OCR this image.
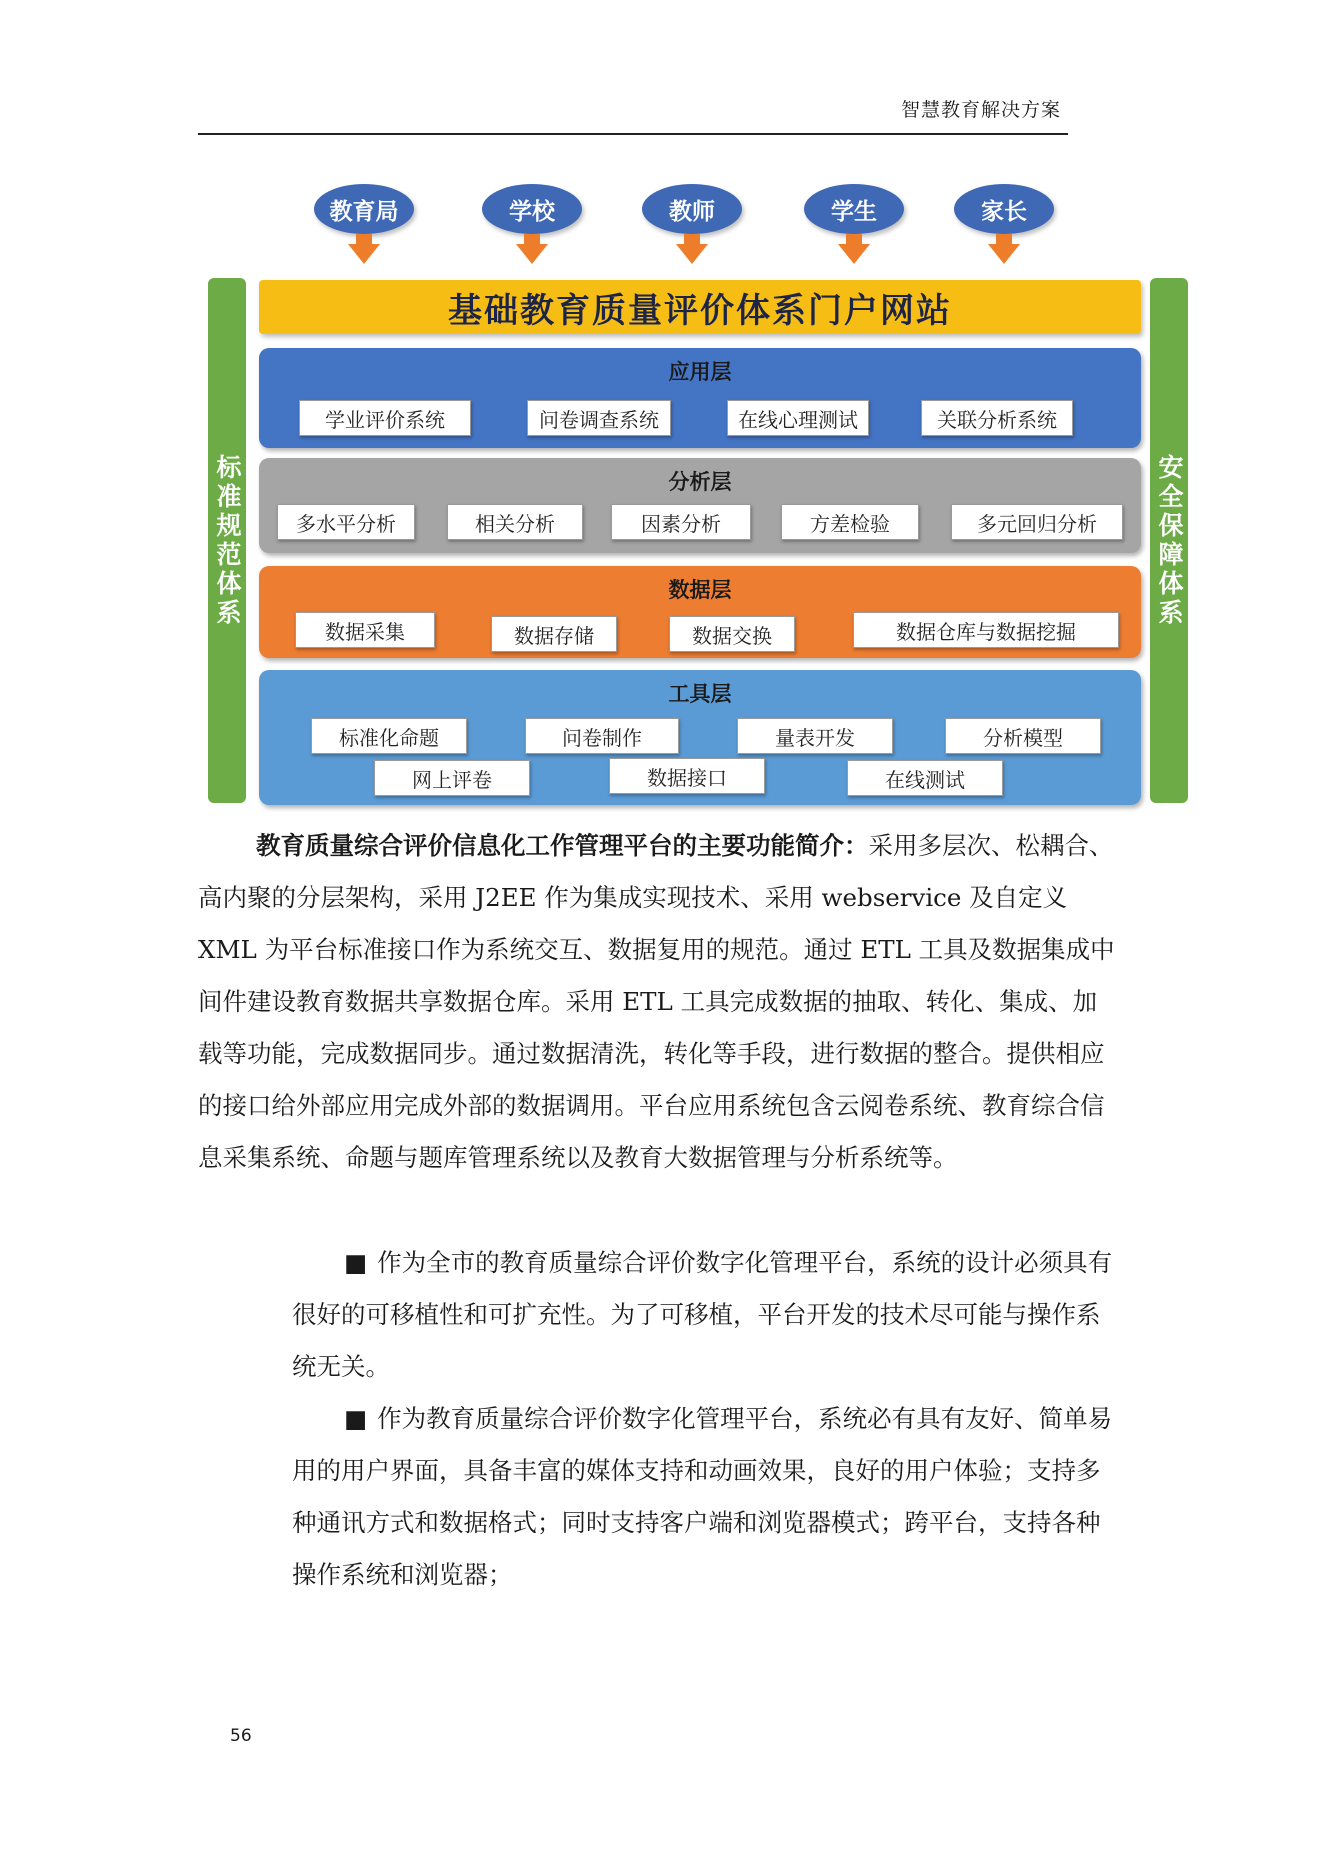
智慧教育解决方案
教育局	学校	教师	学生	家长
标准规范体系	安全保障体系
基础教育质量评价体系门户网站
应用层
学业评价系统	问卷调查系统	在线心理测试	关联分析系统
分析层
多水平分析	相关分析	因素分析	方差检验	多元回归分析
数据层
数据采集	数据存储	数据交换	数据仓库与数据挖掘
工具层
标准化命题	问卷制作	量表开发	分析模型
网上评卷	数据接口	在线测试
教育质量综合评价信息化工作管理平台的主要功能简介：采用多层次、松耦合、高内聚的分层架构，采用 J2EE 作为集成实现技术、采用 webservice 及自定义 XML 为平台标准接口作为系统交互、数据复用的规范。通过 ETL 工具及数据集成中间件建设教育数据共享数据仓库。采用 ETL 工具完成数据的抽取、转化、集成、加载等功能，完成数据同步。通过数据清洗，转化等手段，进行数据的整合。提供相应的接口给外部应用完成外部的数据调用。平台应用系统包含云阅卷系统、教育综合信息采集系统、命题与题库管理系统以及教育大数据管理与分析系统等。
■ 作为全市的教育质量综合评价数字化管理平台，系统的设计必须具有很好的可移植性和可扩充性。为了可移植，平台开发的技术尽可能与操作系统无关。
■ 作为教育质量综合评价数字化管理平台，系统必有具有友好、简单易用的用户界面，具备丰富的媒体支持和动画效果，良好的用户体验；支持多种通讯方式和数据格式；同时支持客户端和浏览器模式；跨平台，支持各种操作系统和浏览器；
56
